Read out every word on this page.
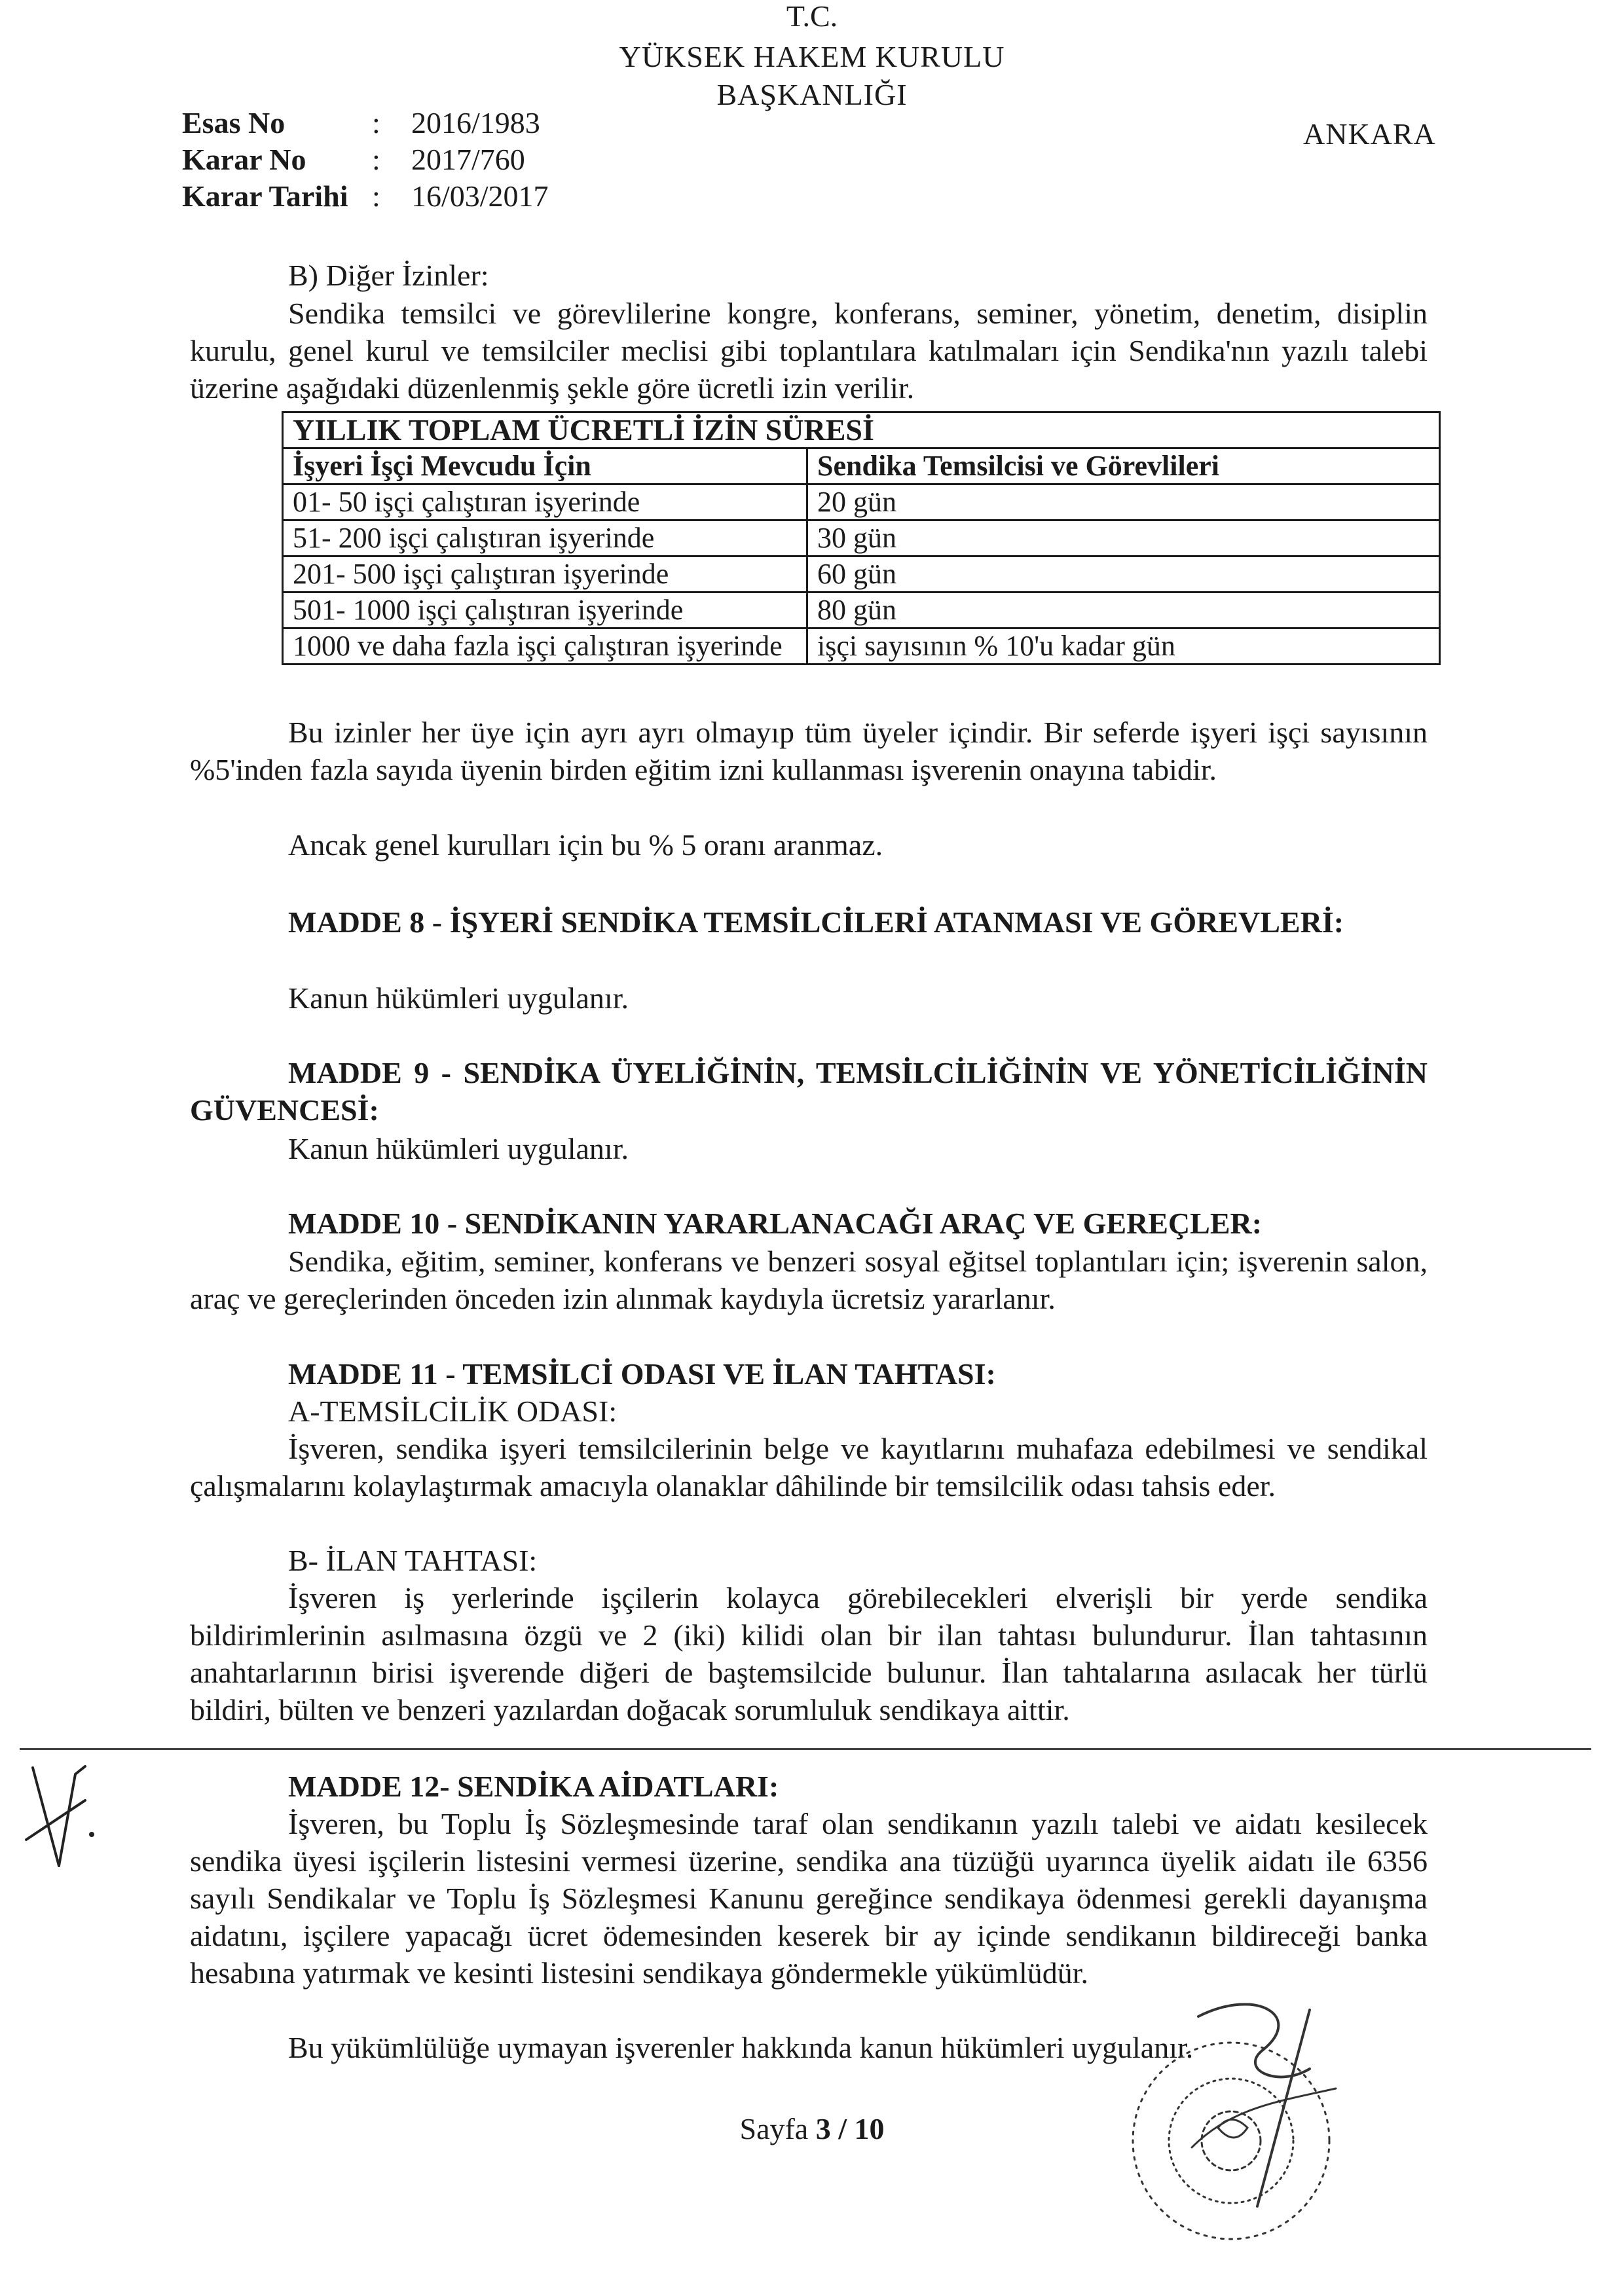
T.C.
YÜKSEK HAKEM KURULU
BAŞKANLIĞI
Esas No	:	2016/1983
Karar No	:	2017/760
Karar Tarihi :	16/03/2017
ANKARA
B) Diğer İzinler:
Sendika temsilci ve görevlilerine kongre, konferans, seminer, yönetim, denetim, disiplin kurulu, genel kurul ve temsilciler meclisi gibi toplantılara katılmaları için Sendika'nın yazılı talebi üzerine aşağıdaki düzenlenmiş şekle göre ücretli izin verilir.
YILLIK TOPLAM ÜCRETLİ İZİN SÜRESİ	
İşyeri İşçi Mevcudu İçin	Sendika Temsilcisi ve Görevlileri
01- 50 işçi çalıştıran işyerinde	20 gün
51- 200 işçi çalıştıran işyerinde	30 gün
201- 500 işçi çalıştıran işyerinde	60 gün
501- 1000 işçi çalıştıran işyerinde	80 gün
1000 ve daha fazla işçi çalıştıran işyerinde	işçi sayısının % 10'u kadar gün
Bu izinler her üye için ayrı ayrı olmayıp tüm üyeler içindir. Bir seferde işyeri işçi sayısının %5'inden fazla sayıda üyenin birden eğitim izni kullanması işverenin onayına tabidir.
Ancak genel kurulları için bu % 5 oranı aranmaz.
MADDE 8 - İŞYERİ SENDİKA TEMSİLCİLERİ ATANMASI VE GÖREVLERİ:
Kanun hükümleri uygulanır.
MADDE 9 - SENDİKA ÜYELİĞİNİN, TEMSİLCİLİĞİNİN VE YÖNETİCİLİĞİNİN GÜVENCESİ:
Kanun hükümleri uygulanır.
MADDE 10 - SENDİKANIN YARARLANACAĞI ARAÇ VE GEREÇLER:
Sendika, eğitim, seminer, konferans ve benzeri sosyal eğitsel toplantıları için; işverenin salon, araç ve gereçlerinden önceden izin alınmak kaydıyla ücretsiz yararlanır.
MADDE 11 - TEMSİLCİ ODASI VE İLAN TAHTASI:
A-TEMSİLCİLİK ODASI:
İşveren, sendika işyeri temsilcilerinin belge ve kayıtlarını muhafaza edebilmesi ve sendikal çalışmalarını kolaylaştırmak amacıyla olanaklar dâhilinde bir temsilcilik odası tahsis eder.
B- İLAN TAHTASI:
İşveren iş yerlerinde işçilerin kolayca görebilecekleri elverişli bir yerde sendika bildirimlerinin asılmasına özgü ve 2 (iki) kilidi olan bir ilan tahtası bulundurur. İlan tahtasının anahtarlarının birisi işverende diğeri de baştemsilcide bulunur. İlan tahtalarına asılacak her türlü bildiri, bülten ve benzeri yazılardan doğacak sorumluluk sendikaya aittir.
MADDE 12- SENDİKA AİDATLARI:
İşveren, bu Toplu İş Sözleşmesinde taraf olan sendikanın yazılı talebi ve aidatı kesilecek sendika üyesi işçilerin listesini vermesi üzerine, sendika ana tüzüğü uyarınca üyelik aidatı ile 6356 sayılı Sendikalar ve Toplu İş Sözleşmesi Kanunu gereğince sendikaya ödenmesi gerekli dayanışma aidatını, işçilere yapacağı ücret ödemesinden keserek bir ay içinde sendikanın bildireceği banka hesabına yatırmak ve kesinti listesini sendikaya göndermekle yükümlüdür.
Bu yükümlülüğe uymayan işverenler hakkında kanun hükümleri uygulanır.
Sayfa 3 / 10
